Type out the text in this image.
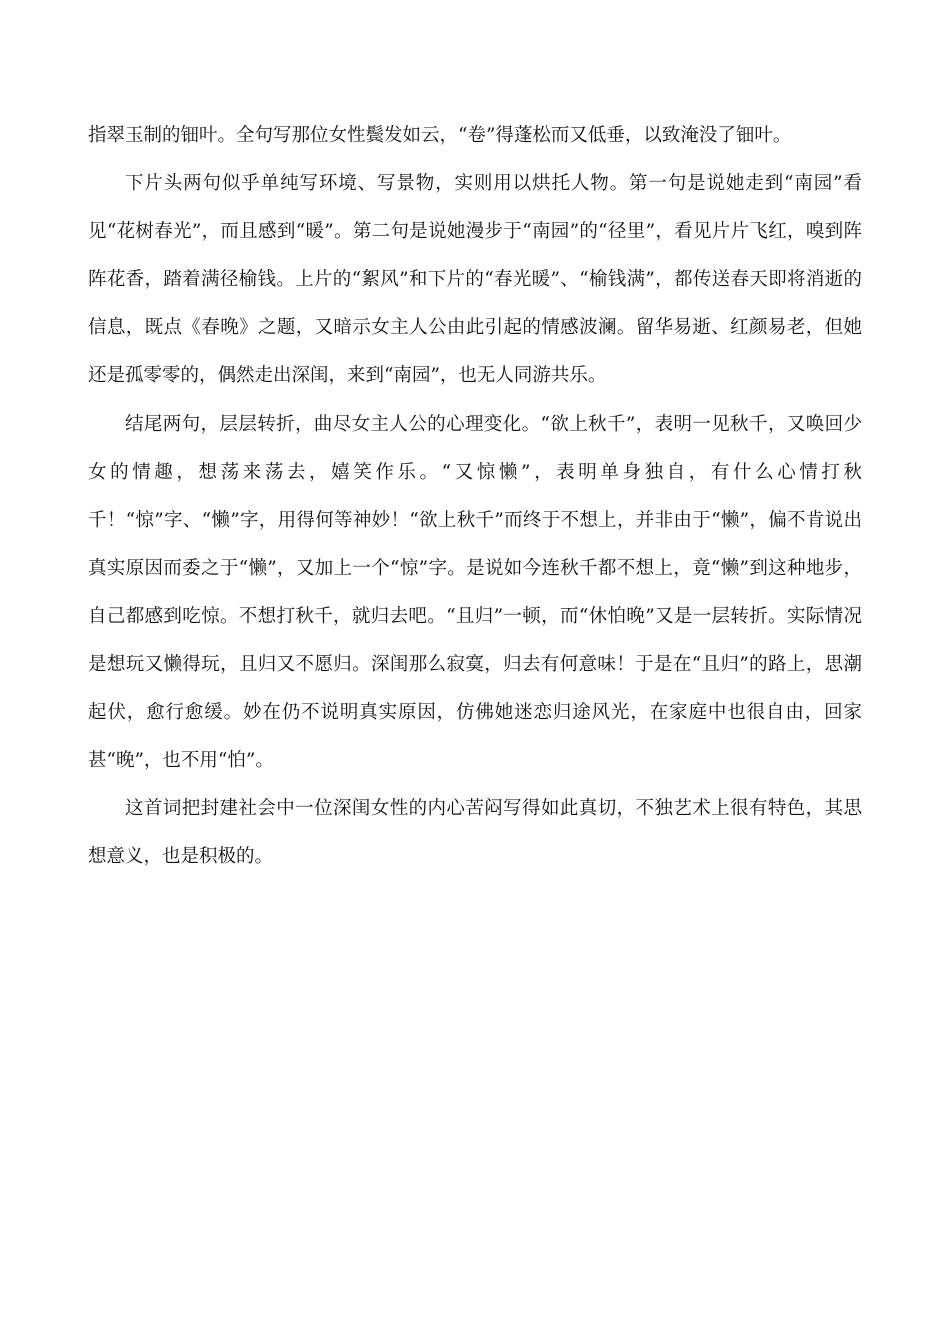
指翠玉制的钿叶。全句写那位女性鬓发如云，“卷”得蓬松而又低垂，以致淹没了钿叶。

下片头两句似乎单纯写环境、写景物，实则用以烘托人物。第一句是说她走到“南园”看见“花树春光”，而且感到“暖”。第二句是说她漫步于“南园”的“径里”，看见片片飞红，嗅到阵阵花香，踏着满径榆钱。上片的“絮风”和下片的“春光暖”、“榆钱满”，都传送春天即将消逝的信息，既点《春晚》之题，又暗示女主人公由此引起的情感波澜。留华易逝、红颜易老，但她还是孤零零的，偶然走出深闺，来到“南园”，也无人同游共乐。

结尾两句，层层转折，曲尽女主人公的心理变化。“欲上秋千”，表明一见秋千，又唤回少女的情趣，想荡来荡去，嬉笑作乐。“又惊懒”，表明单身独自，有什么心情打秋千！“惊”字、“懒”字，用得何等神妙！“欲上秋千”而终于不想上，并非由于“懒”，偏不肯说出真实原因而委之于“懒”，又加上一个“惊”字。是说如今连秋千都不想上，竟“懒”到这种地步，自己都感到吃惊。不想打秋千，就归去吧。“且归”一顿，而“休怕晚”又是一层转折。实际情况是想玩又懒得玩，且归又不愿归。深闺那么寂寞，归去有何意味！于是在“且归”的路上，思潮起伏，愈行愈缓。妙在仍不说明真实原因，仿佛她迷恋归途风光，在家庭中也很自由，回家甚“晚”，也不用“怕”。

这首词把封建社会中一位深闺女性的内心苦闷写得如此真切，不独艺术上很有特色，其思想意义，也是积极的。
